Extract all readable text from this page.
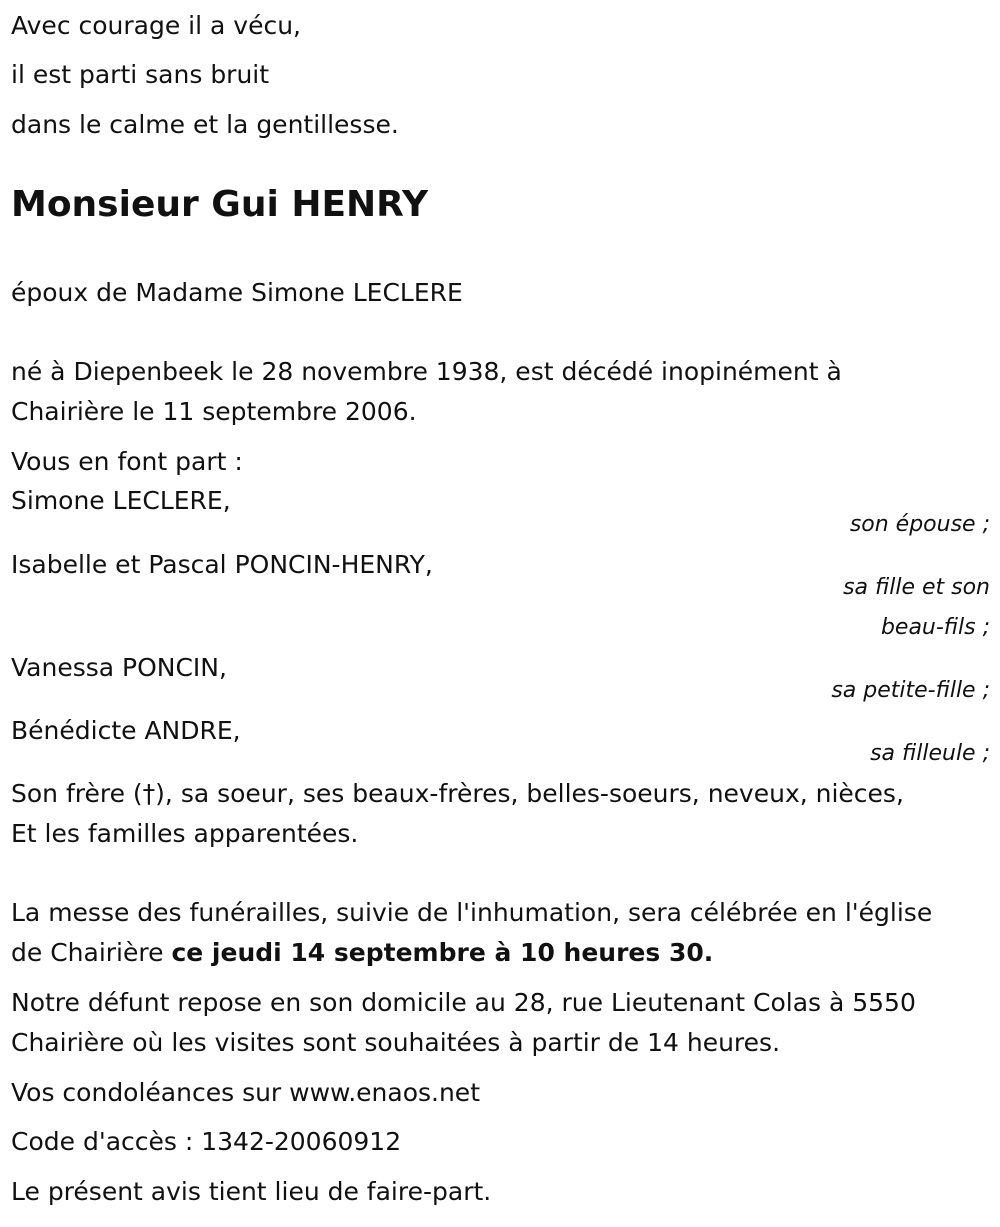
Avec courage il a vécu,
il est parti sans bruit
dans le calme et la gentillesse.
Monsieur Gui HENRY
époux de Madame Simone LECLERE
né à Diepenbeek le 28 novembre 1938, est décédé inopinément à
Chairière le 11 septembre 2006.
Vous en font part :
Simone LECLERE,
son épouse ;
Isabelle et Pascal PONCIN-HENRY,
sa fille et son
beau-fils ;
Vanessa PONCIN,
sa petite-fille ;
Bénédicte ANDRE,
sa filleule ;
Son frère (†), sa soeur, ses beaux-frères, belles-soeurs, neveux, nièces,
Et les familles apparentées.
La messe des funérailles, suivie de l'inhumation, sera célébrée en l'église
de Chairière ce jeudi 14 septembre à 10 heures 30.
Notre défunt repose en son domicile au 28, rue Lieutenant Colas à 5550
Chairière où les visites sont souhaitées à partir de 14 heures.
Vos condoléances sur www.enaos.net
Code d'accès : 1342-20060912
Le présent avis tient lieu de faire-part.
